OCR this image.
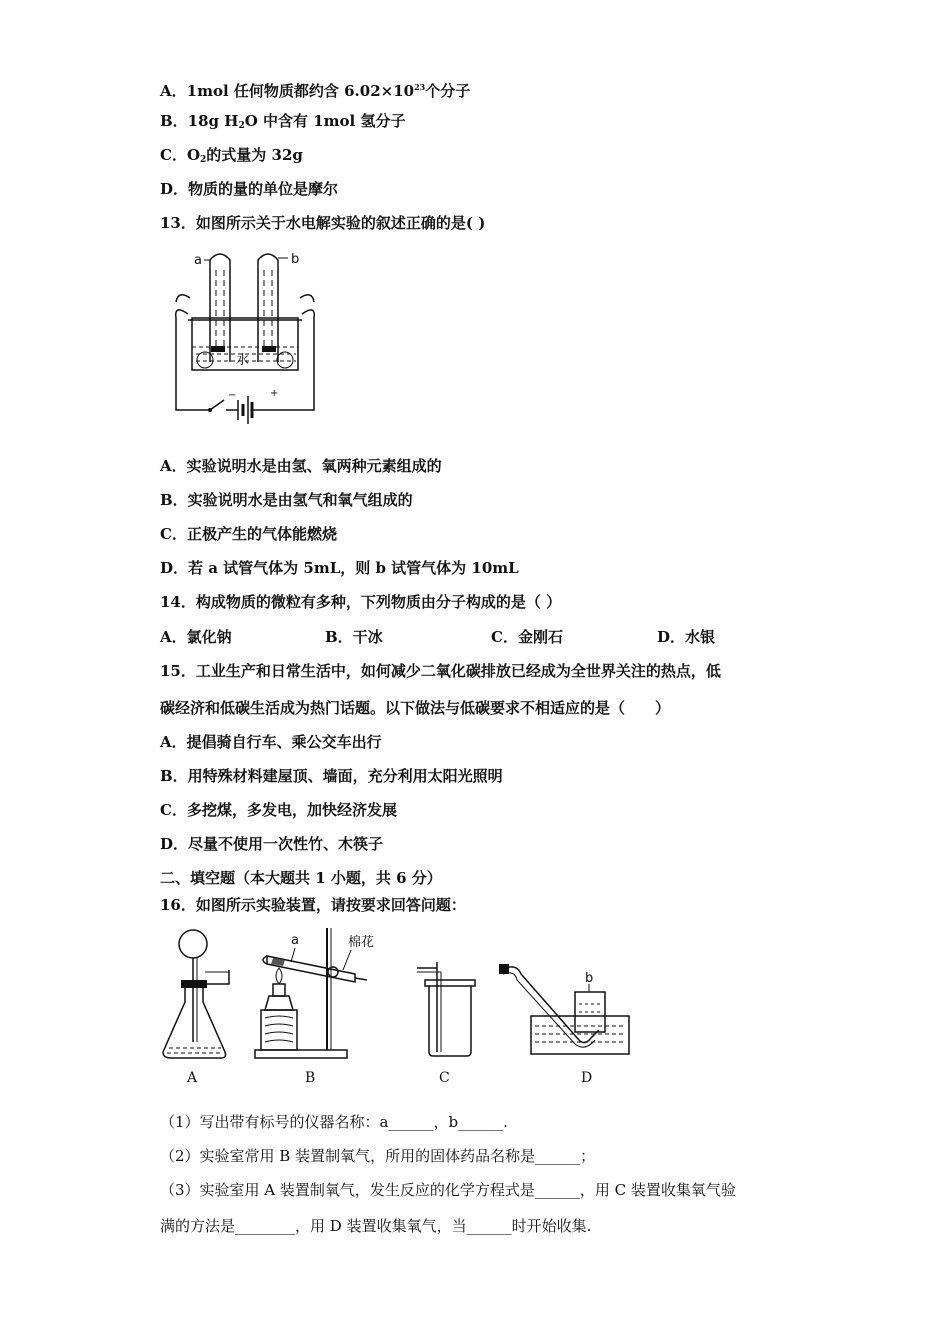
A．1mol 任何物质都约含 $6.02\times 10^{23}$个分子
B．18g $H_2O$ 中含有 1mol 氢分子
C．$O_2$的式量为 32g
D．物质的量的单位是摩尔
13．如图所示关于水电解实验的叙述正确的是( )
a	b
水
−	+
A．实验说明水是由氢、氧两种元素组成的
B．实验说明水是由氢气和氧气组成的
C．正极产生的气体能燃烧
D．若 a 试管气体为 5mL，则 b 试管气体为 10mL
14．构成物质的微粒有多种，下列物质由分子构成的是（ ）
A．氯化钠	B．干冰	C．金刚石	D．水银
15．工业生产和日常生活中，如何减少二氧化碳排放已经成为全世界关注的热点，低
碳经济和低碳生活成为热门话题。以下做法与低碳要求不相适应的是（　　）
A．提倡骑自行车、乘公交车出行
B．用特殊材料建屋顶、墙面，充分利用太阳光照明
C．多挖煤，多发电，加快经济发展
D．尽量不使用一次性竹、木筷子
二、填空题（本大题共 1 小题，共 6 分）
16．如图所示实验装置，请按要求回答问题：
A
a	棉花
B	C
b
D
（1）写出带有标号的仪器名称：a______，b______.
（2）实验室常用 B 装置制氧气，所用的固体药品名称是______；
（3）实验室用 A 装置制氧气，发生反应的化学方程式是______，用 C 装置收集氧气验
满的方法是________，用 D 装置收集氧气，当______时开始收集.
